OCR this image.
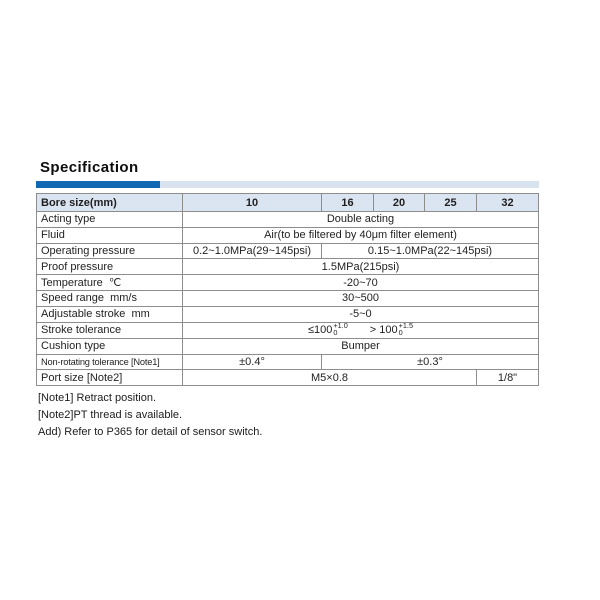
Specification
Bore size(mm)	10	16	20	25	32
Acting type	Double acting				
Fluid	Air(to be filtered by 40μm filter element)				
Operating pressure	0.2~1.0MPa(29~145psi)	0.15~1.0MPa(22~145psi)			
Proof pressure	1.5MPa(215psi)				
Temperature  ℃	-20~70				
Speed range  mm/s	30~500				
Adjustable stroke  mm	-5~0				
Stroke tolerance	≤100 +1.0
0	> 100 +1.5
0

Cushion type	Bumper				
Non-rotating tolerance [Note1]	±0.4°	±0.3°			
Port size [Note2]	M5×0.8				1/8"
[Note1] Retract position.
[Note2]PT thread is available.
Add) Refer to P365 for detail of sensor switch.
